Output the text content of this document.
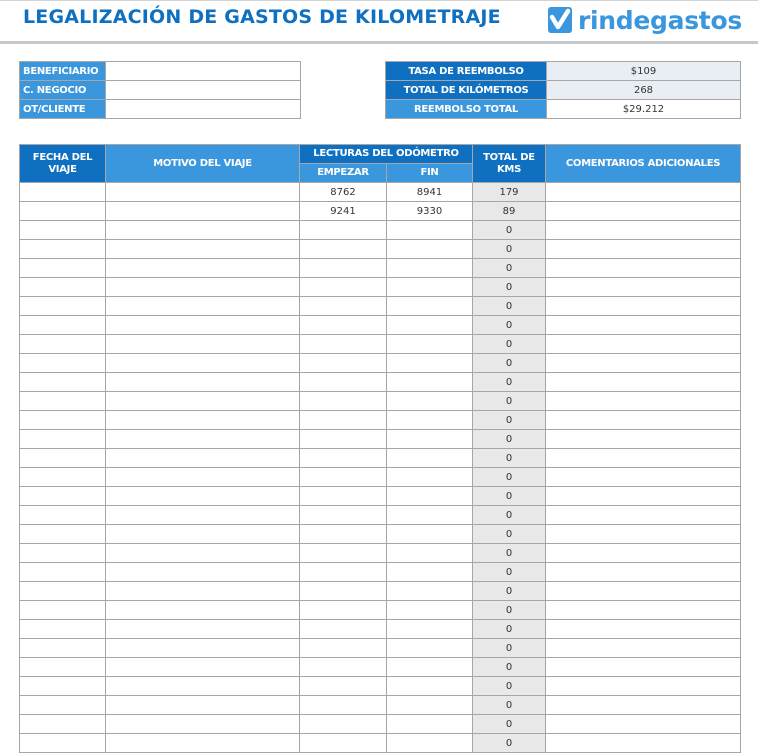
LEGALIZACIÓN DE GASTOS DE KILOMETRAJE	rindegastos
BENEFICIARIO	
C. NEGOCIO	
OT/CLIENTE	
TASA DE REEMBOLSO	$109
TOTAL DE KILÓMETROS	268
REEMBOLSO TOTAL	$29.212
FECHA DEL VIAJE	MOTIVO DEL VIAJE	LECTURAS DEL ODÓMETRO		TOTAL DE KMS	COMENTARIOS ADICIONALES
		EMPEZAR	FIN		
		8762	8941	179	
		9241	9330	89	
				0	
				0	
				0	
				0	
				0	
				0	
				0	
				0	
				0	
				0	
				0	
				0	
				0	
				0	
				0	
				0	
				0	
				0	
				0	
				0	
				0	
				0	
				0	
				0	
				0	
				0	
				0	
				0	
